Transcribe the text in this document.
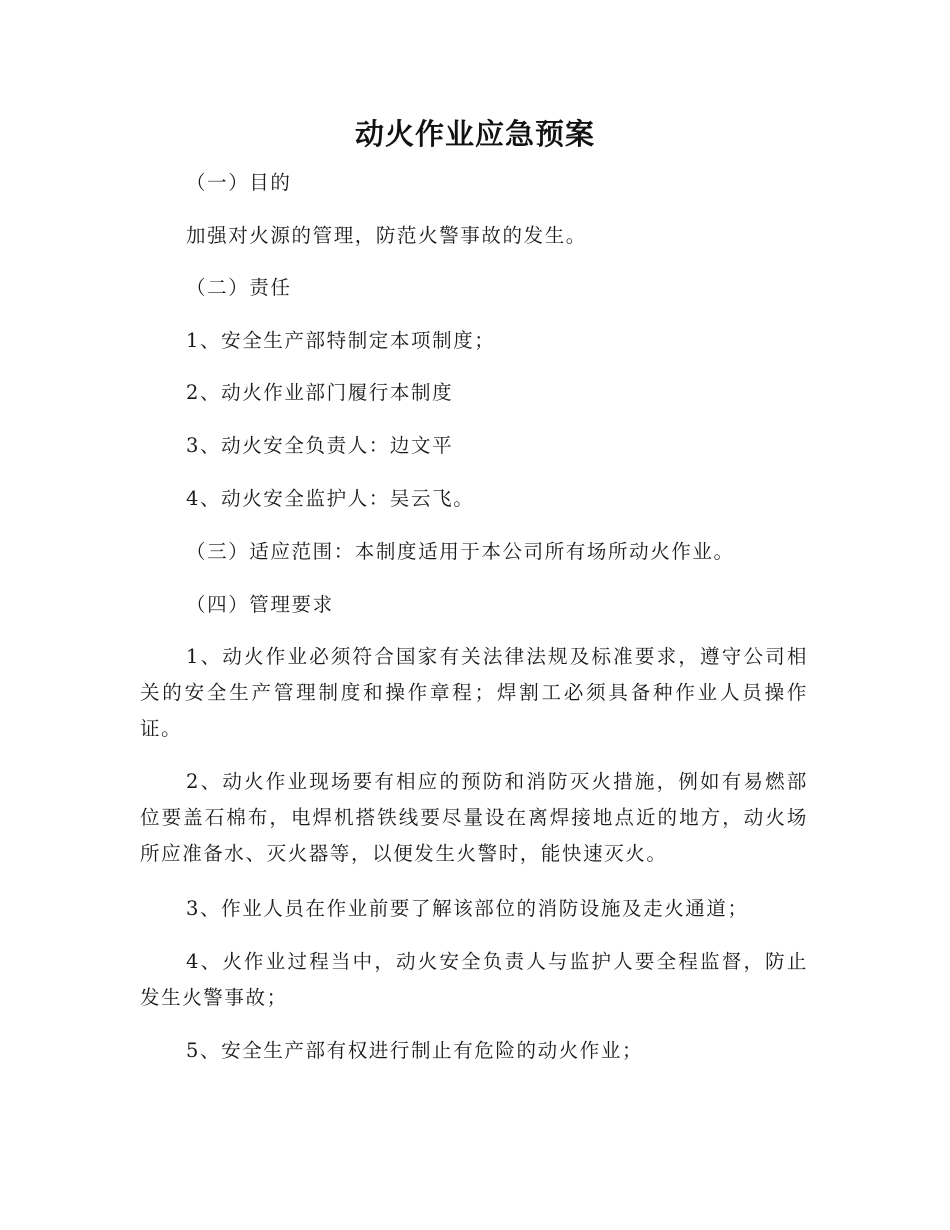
动火作业应急预案
（一）目的
加强对火源的管理，防范火警事故的发生。
（二）责任
1、安全生产部特制定本项制度；
2、动火作业部门履行本制度
3、动火安全负责人：边文平
4、动火安全监护人：吴云飞。
（三）适应范围：本制度适用于本公司所有场所动火作业。
（四）管理要求
1、动火作业必须符合国家有关法律法规及标准要求，遵守公司相关的安全生产管理制度和操作章程；焊割工必须具备种作业人员操作证。
2、动火作业现场要有相应的预防和消防灭火措施，例如有易燃部位要盖石棉布，电焊机搭铁线要尽量设在离焊接地点近的地方，动火场所应准备水、灭火器等，以便发生火警时，能快速灭火。
3、作业人员在作业前要了解该部位的消防设施及走火通道；
4、火作业过程当中，动火安全负责人与监护人要全程监督，防止发生火警事故；
5、安全生产部有权进行制止有危险的动火作业；
